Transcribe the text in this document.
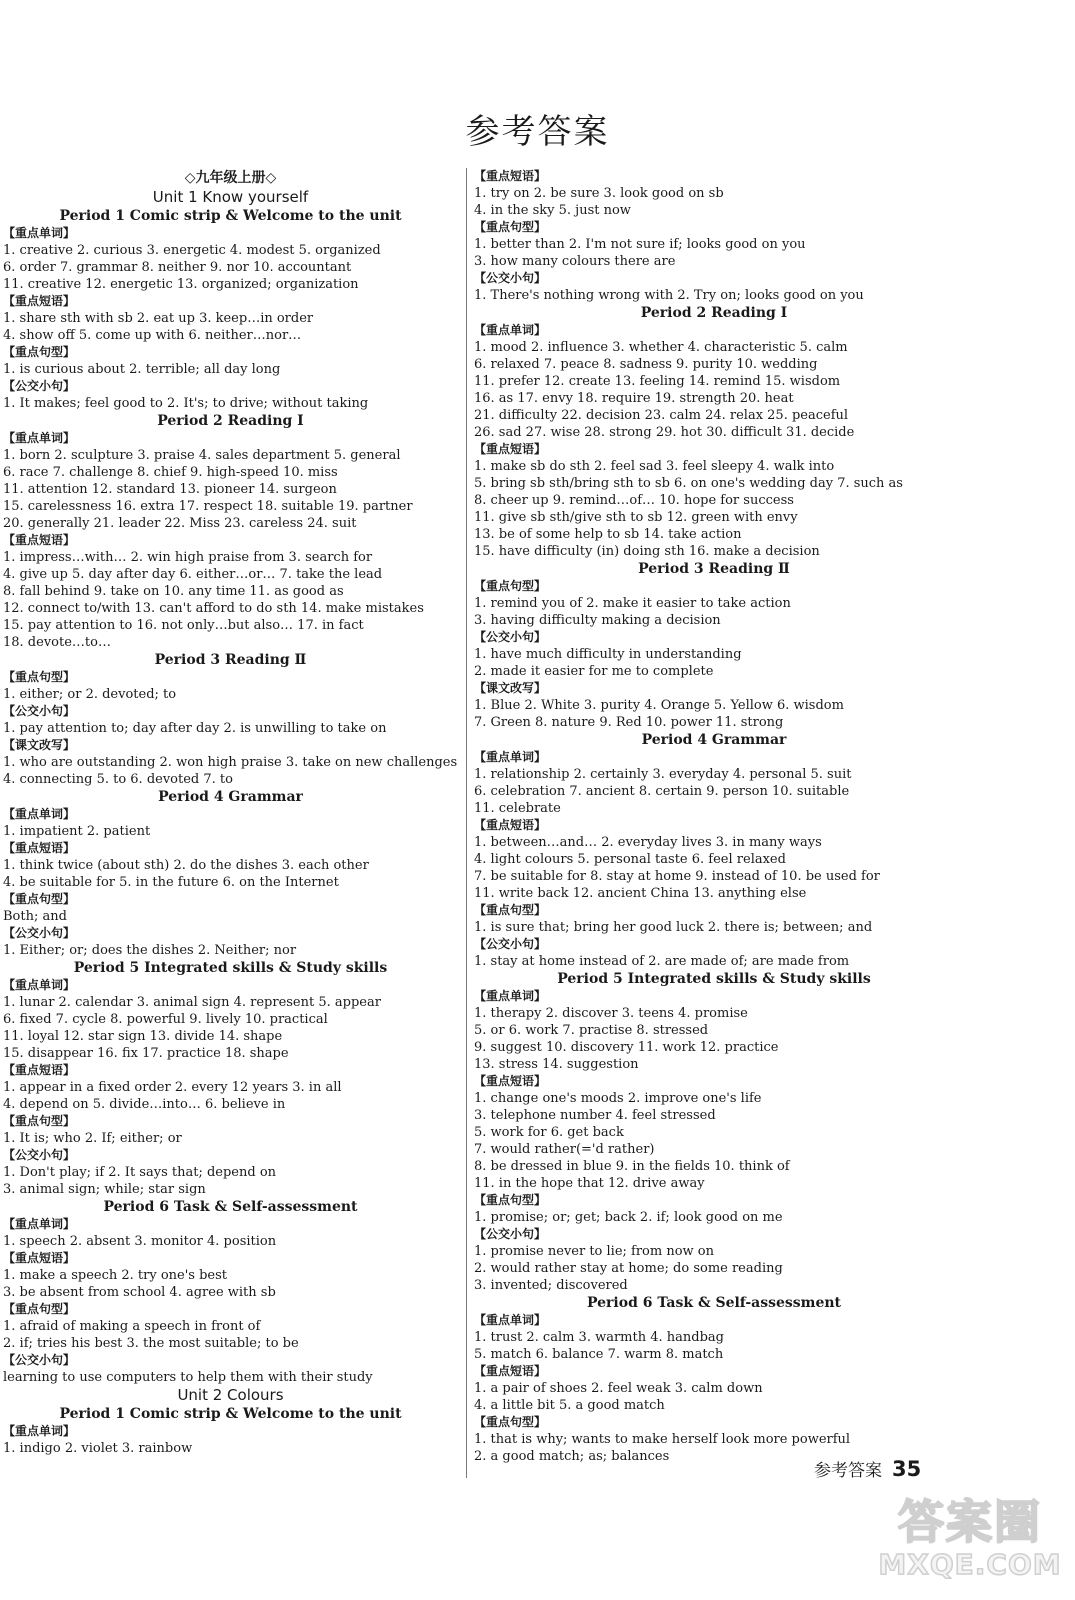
参考答案
◇九年级上册◇
Unit 1 Know yourself
Period 1 Comic strip & Welcome to the unit
【重点单词】
1. creative 2. curious 3. energetic 4. modest 5. organized
6. order 7. grammar 8. neither 9. nor 10. accountant
11. creative 12. energetic 13. organized; organization
【重点短语】
1. share sth with sb 2. eat up 3. keep…in order
4. show off 5. come up with 6. neither…nor…
【重点句型】
1. is curious about 2. terrible; all day long
【公交小句】
1. It makes; feel good to 2. It's; to drive; without taking
Period 2 Reading Ⅰ
【重点单词】
1. born 2. sculpture 3. praise 4. sales department 5. general
6. race 7. challenge 8. chief 9. high-speed 10. miss
11. attention 12. standard 13. pioneer 14. surgeon
15. carelessness 16. extra 17. respect 18. suitable 19. partner
20. generally 21. leader 22. Miss 23. careless 24. suit
【重点短语】
1. impress…with… 2. win high praise from 3. search for
4. give up 5. day after day 6. either…or… 7. take the lead
8. fall behind 9. take on 10. any time 11. as good as
12. connect to/with 13. can't afford to do sth 14. make mistakes
15. pay attention to 16. not only…but also… 17. in fact
18. devote…to…
Period 3 Reading Ⅱ
【重点句型】
1. either; or 2. devoted; to
【公交小句】
1. pay attention to; day after day 2. is unwilling to take on
【课文改写】
1. who are outstanding 2. won high praise 3. take on new challenges
4. connecting 5. to 6. devoted 7. to
Period 4 Grammar
【重点单词】
1. impatient 2. patient
【重点短语】
1. think twice (about sth) 2. do the dishes 3. each other
4. be suitable for 5. in the future 6. on the Internet
【重点句型】
Both; and
【公交小句】
1. Either; or; does the dishes 2. Neither; nor
Period 5 Integrated skills & Study skills
【重点单词】
1. lunar 2. calendar 3. animal sign 4. represent 5. appear
6. fixed 7. cycle 8. powerful 9. lively 10. practical
11. loyal 12. star sign 13. divide 14. shape
15. disappear 16. fix 17. practice 18. shape
【重点短语】
1. appear in a fixed order 2. every 12 years 3. in all
4. depend on 5. divide…into… 6. believe in
【重点句型】
1. It is; who 2. If; either; or
【公交小句】
1. Don't play; if 2. It says that; depend on
3. animal sign; while; star sign
Period 6 Task & Self-assessment
【重点单词】
1. speech 2. absent 3. monitor 4. position
【重点短语】
1. make a speech 2. try one's best
3. be absent from school 4. agree with sb
【重点句型】
1. afraid of making a speech in front of
2. if; tries his best 3. the most suitable; to be
【公交小句】
learning to use computers to help them with their study
Unit 2 Colours
Period 1 Comic strip & Welcome to the unit
【重点单词】
1. indigo 2. violet 3. rainbow
【重点短语】
1. try on 2. be sure 3. look good on sb
4. in the sky 5. just now
【重点句型】
1. better than 2. I'm not sure if; looks good on you
3. how many colours there are
【公交小句】
1. There's nothing wrong with 2. Try on; looks good on you
Period 2 Reading Ⅰ
【重点单词】
1. mood 2. influence 3. whether 4. characteristic 5. calm
6. relaxed 7. peace 8. sadness 9. purity 10. wedding
11. prefer 12. create 13. feeling 14. remind 15. wisdom
16. as 17. envy 18. require 19. strength 20. heat
21. difficulty 22. decision 23. calm 24. relax 25. peaceful
26. sad 27. wise 28. strong 29. hot 30. difficult 31. decide
【重点短语】
1. make sb do sth 2. feel sad 3. feel sleepy 4. walk into
5. bring sb sth/bring sth to sb 6. on one's wedding day 7. such as
8. cheer up 9. remind…of… 10. hope for success
11. give sb sth/give sth to sb 12. green with envy
13. be of some help to sb 14. take action
15. have difficulty (in) doing sth 16. make a decision
Period 3 Reading Ⅱ
【重点句型】
1. remind you of 2. make it easier to take action
3. having difficulty making a decision
【公交小句】
1. have much difficulty in understanding
2. made it easier for me to complete
【课文改写】
1. Blue 2. White 3. purity 4. Orange 5. Yellow 6. wisdom
7. Green 8. nature 9. Red 10. power 11. strong
Period 4 Grammar
【重点单词】
1. relationship 2. certainly 3. everyday 4. personal 5. suit
6. celebration 7. ancient 8. certain 9. person 10. suitable
11. celebrate
【重点短语】
1. between…and… 2. everyday lives 3. in many ways
4. light colours 5. personal taste 6. feel relaxed
7. be suitable for 8. stay at home 9. instead of 10. be used for
11. write back 12. ancient China 13. anything else
【重点句型】
1. is sure that; bring her good luck 2. there is; between; and
【公交小句】
1. stay at home instead of 2. are made of; are made from
Period 5 Integrated skills & Study skills
【重点单词】
1. therapy 2. discover 3. teens 4. promise
5. or 6. work 7. practise 8. stressed
9. suggest 10. discovery 11. work 12. practice
13. stress 14. suggestion
【重点短语】
1. change one's moods 2. improve one's life
3. telephone number 4. feel stressed
5. work for 6. get back
7. would rather(='d rather)
8. be dressed in blue 9. in the fields 10. think of
11. in the hope that 12. drive away
【重点句型】
1. promise; or; get; back 2. if; look good on me
【公交小句】
1. promise never to lie; from now on
2. would rather stay at home; do some reading
3. invented; discovered
Period 6 Task & Self-assessment
【重点单词】
1. trust 2. calm 3. warmth 4. handbag
5. match 6. balance 7. warm 8. match
【重点短语】
1. a pair of shoes 2. feel weak 3. calm down
4. a little bit 5. a good match
【重点句型】
1. that is why; wants to make herself look more powerful
2. a good match; as; balances
参考答案 35
答案圈
MXQE.COM
